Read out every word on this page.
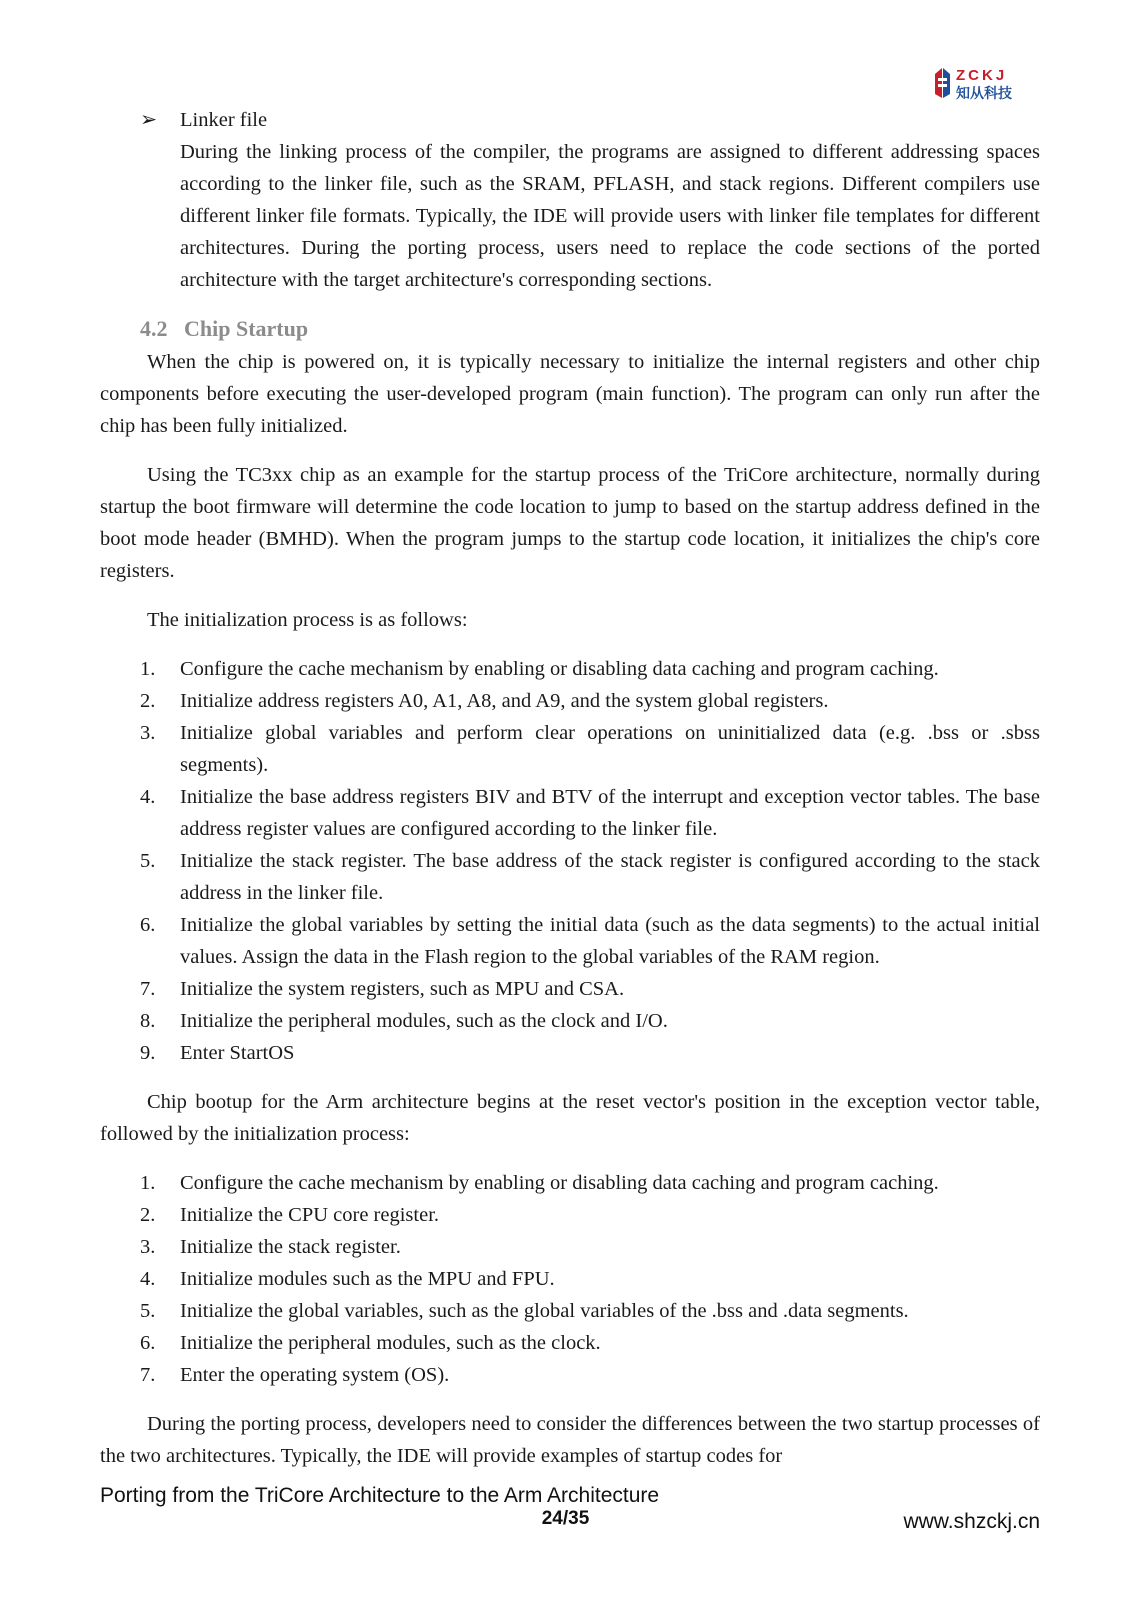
ZCKJ
知从科技
➢	Linker file
During the linking process of the compiler, the programs are assigned to different addressing spaces according to the linker file, such as the SRAM, PFLASH, and stack regions. Different compilers use different linker file formats. Typically, the IDE will provide users with linker file templates for different architectures. During the porting process, users need to replace the code sections of the ported architecture with the target architecture's corresponding sections.
4.2   Chip Startup

When the chip is powered on, it is typically necessary to initialize the internal registers and other chip components before executing the user-developed program (main function). The program can only run after the chip has been fully initialized.

Using the TC3xx chip as an example for the startup process of the TriCore architecture, normally during startup the boot firmware will determine the code location to jump to based on the startup address defined in the boot mode header (BMHD). When the program jumps to the startup code location, it initializes the chip's core registers.

The initialization process is as follows:

1.	Configure the cache mechanism by enabling or disabling data caching and program caching.
2.	Initialize address registers A0, A1, A8, and A9, and the system global registers.
3.	Initialize global variables and perform clear operations on uninitialized data (e.g. .bss or .sbss segments).
4.	Initialize the base address registers BIV and BTV of the interrupt and exception vector tables. The base address register values are configured according to the linker file.
5.	Initialize the stack register. The base address of the stack register is configured according to the stack address in the linker file.
6.	Initialize the global variables by setting the initial data (such as the data segments) to the actual initial values. Assign the data in the Flash region to the global variables of the RAM region.
7.	Initialize the system registers, such as MPU and CSA.
8.	Initialize the peripheral modules, such as the clock and I/O.
9.	Enter StartOS

Chip bootup for the Arm architecture begins at the reset vector's position in the exception vector table, followed by the initialization process:

1.	Configure the cache mechanism by enabling or disabling data caching and program caching.
2.	Initialize the CPU core register.
3.	Initialize the stack register.
4.	Initialize modules such as the MPU and FPU.
5.	Initialize the global variables, such as the global variables of the .bss and .data segments.
6.	Initialize the peripheral modules, such as the clock.
7.	Enter the operating system (OS).

During the porting process, developers need to consider the differences between the two startup processes of the two architectures. Typically, the IDE will provide examples of startup codes for

Porting from the TriCore Architecture to the Arm Architecture
24/35	www.shzckj.cn
